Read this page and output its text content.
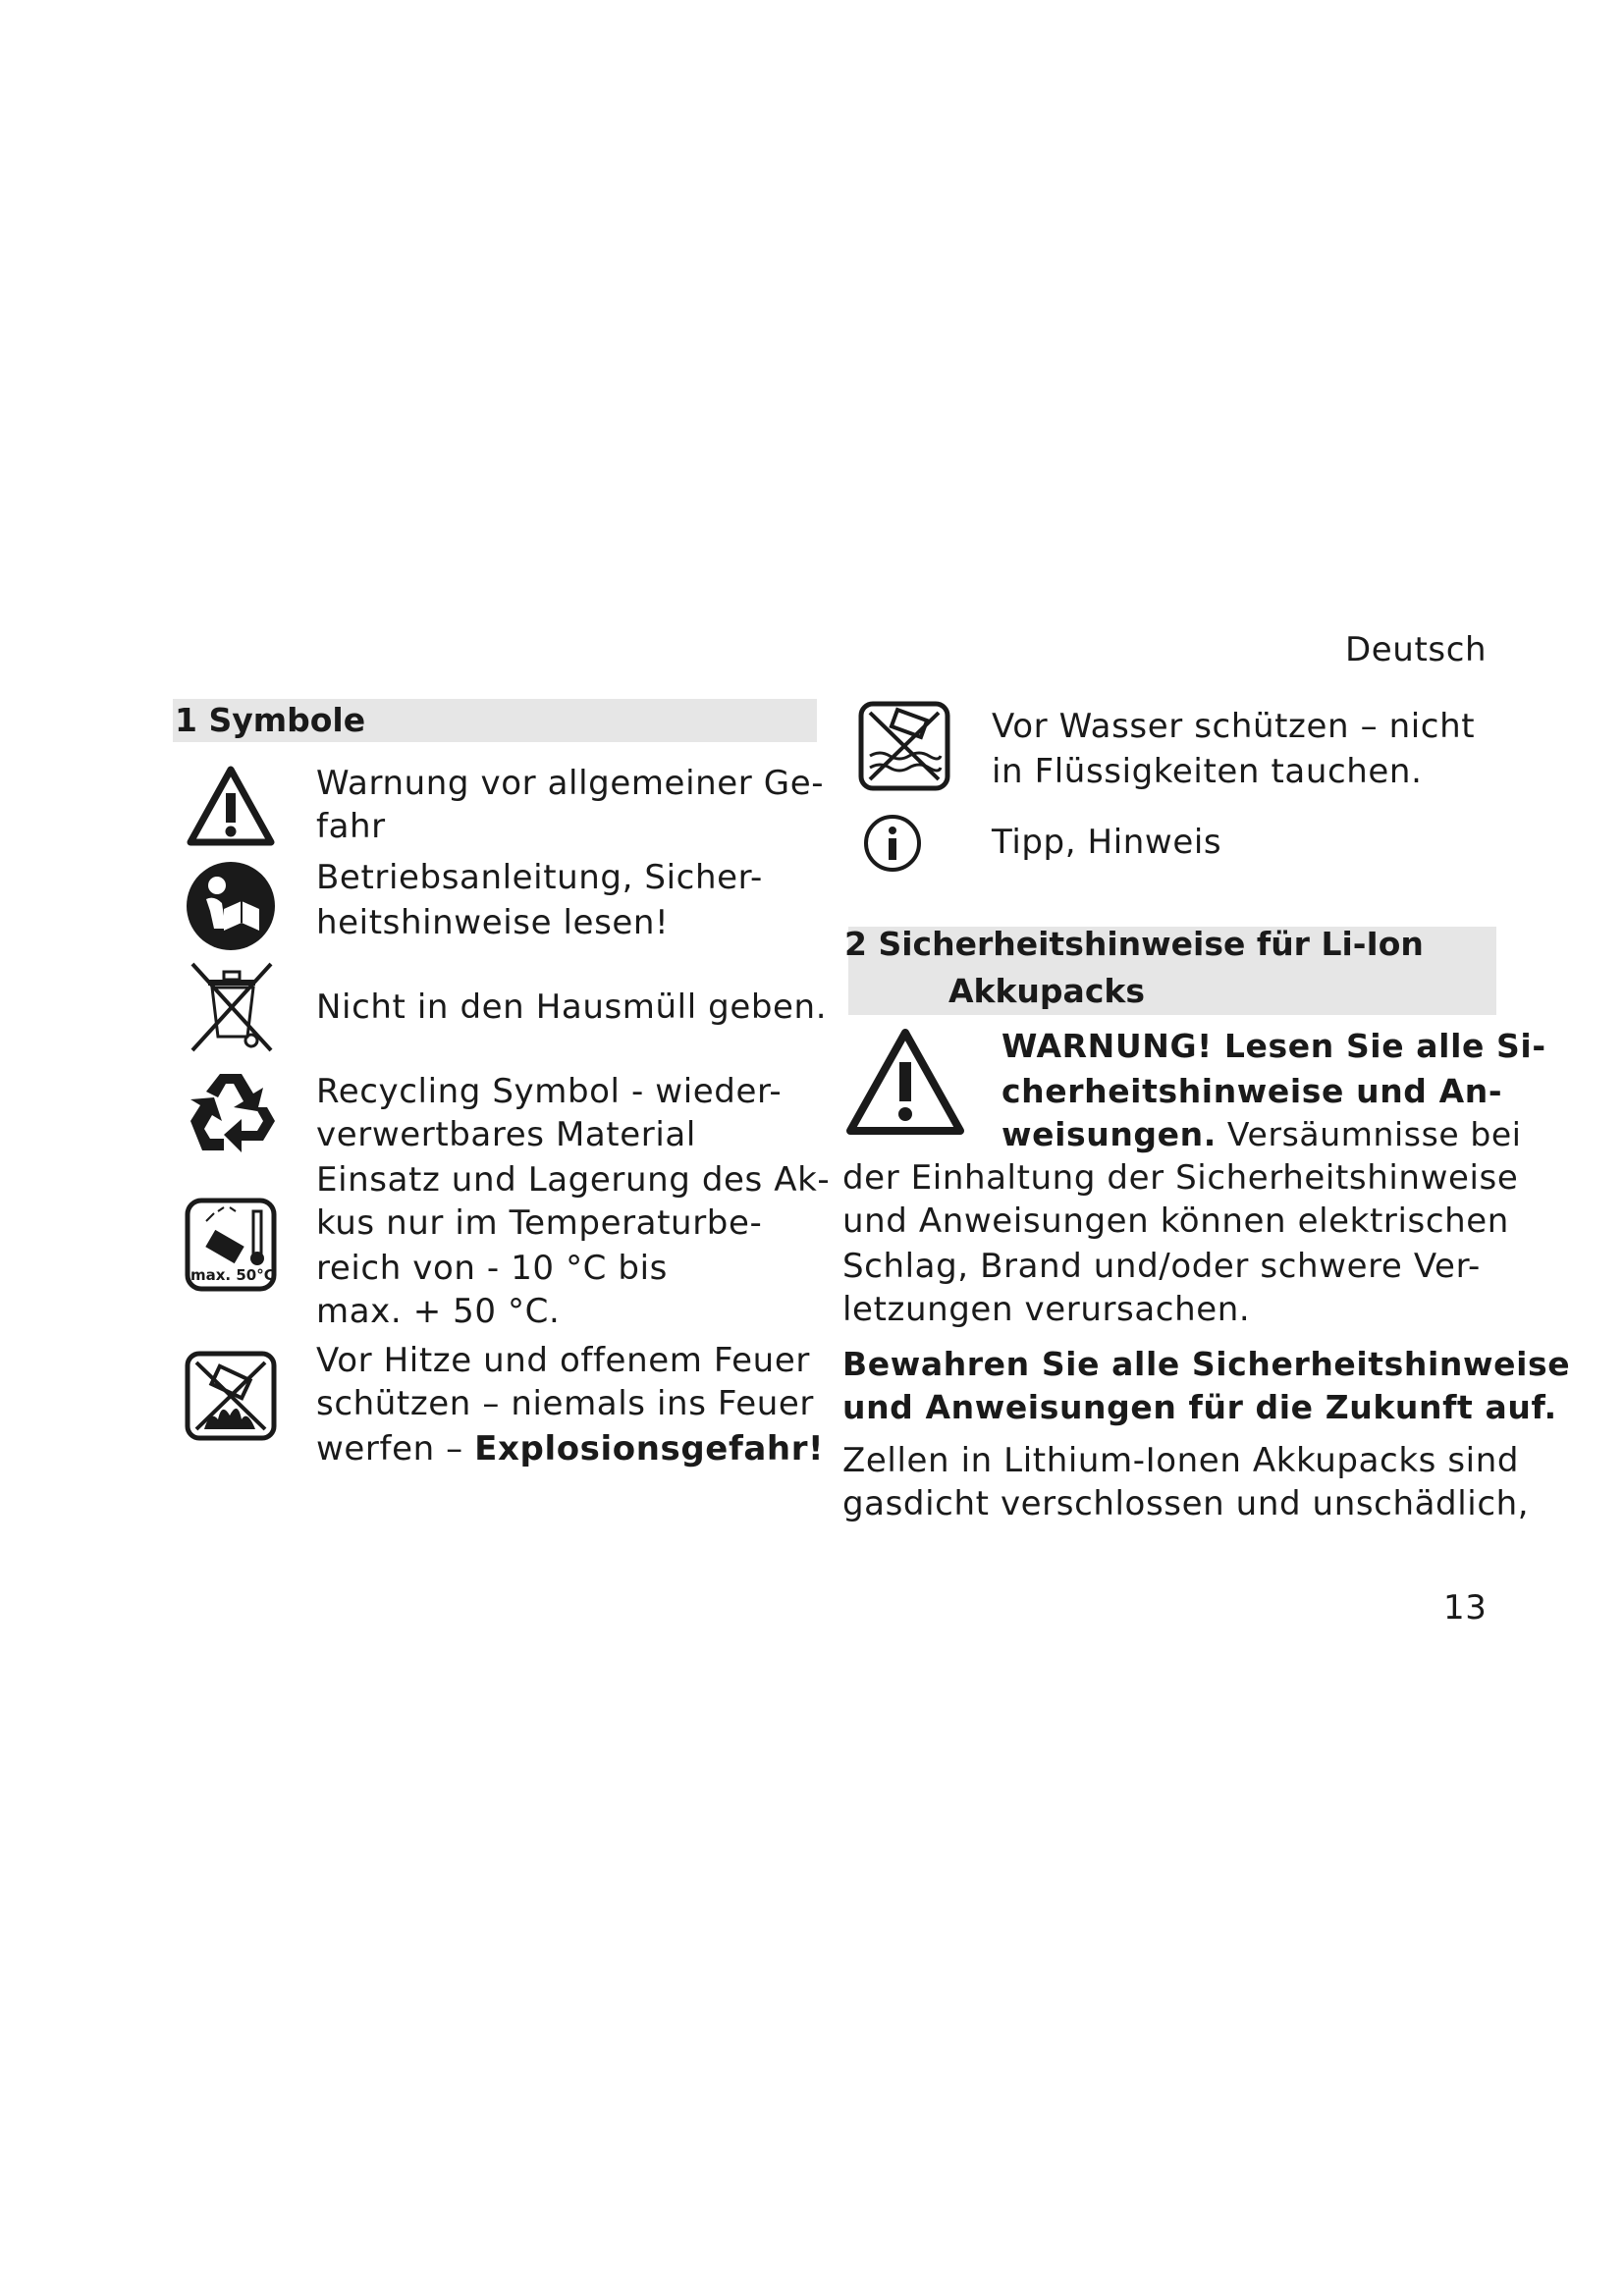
Deutsch
1 Symbole
Warnung vor allgemeiner Ge-
fahr
Betriebsanleitung, Sicher-
heitshinweise lesen!
Nicht in den Hausmüll geben.
Recycling Symbol - wieder-
verwertbares Material
max. 50°C
Einsatz und Lagerung des Ak-
kus nur im Temperaturbe-
reich von - 10 °C bis
max. + 50 °C.
Vor Hitze und offenem Feuer
schützen – niemals ins Feuer
werfen – Explosionsgefahr!
Vor Wasser schützen – nicht
in Flüssigkeiten tauchen.
Tipp, Hinweis
2 Sicherheitshinweise für Li-Ion
Akkupacks
WARNUNG! Lesen Sie alle Si-
cherheitshinweise und An-
weisungen. Versäumnisse bei
der Einhaltung der Sicherheitshinweise
und Anweisungen können elektrischen
Schlag, Brand und/oder schwere Ver-
letzungen verursachen.
Bewahren Sie alle Sicherheitshinweise
und Anweisungen für die Zukunft auf.
Zellen in Lithium-Ionen Akkupacks sind
gasdicht verschlossen und unschädlich,
13
